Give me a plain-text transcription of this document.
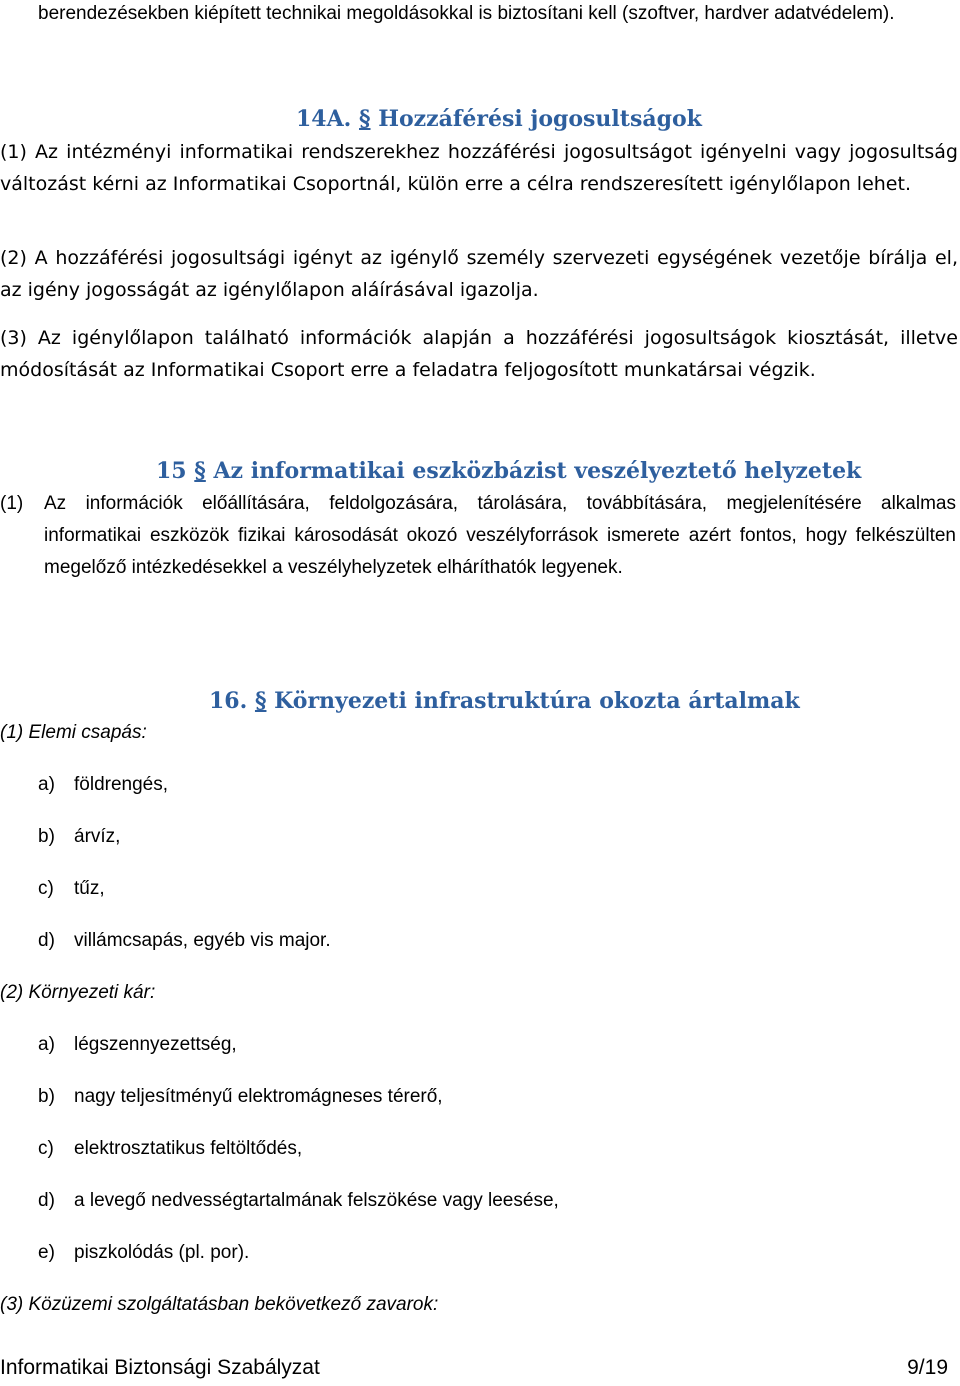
berendezésekben kiépített technikai megoldásokkal is biztosítani kell (szoftver, hardver adatvédelem).

14A. § Hozzáférési jogosultságok

(1) Az intézményi informatikai rendszerekhez hozzáférési jogosultságot igényelni vagy jogosultság változást kérni az Informatikai Csoportnál, külön erre a célra rendszeresített igénylőlapon lehet.

(2) A hozzáférési jogosultsági igényt az igénylő személy szervezeti egységének vezetője bírálja el, az igény jogosságát az igénylőlapon aláírásával igazolja.

(3) Az igénylőlapon található információk alapján a hozzáférési jogosultságok kiosztását, illetve módosítását az Informatikai Csoport erre a feladatra feljogosított munkatársai végzik.

15 § Az informatikai eszközbázist veszélyeztető helyzetek
(1) Az információk előállítására, feldolgozására, tárolására, továbbítására, megjelenítésére alkalmas informatikai eszközök fizikai károsodását okozó veszélyforrások ismerete azért fontos, hogy felkészülten megelőző intézkedésekkel a veszélyhelyzetek elháríthatók legyenek.
16. § Környezeti infrastruktúra okozta ártalmak
(1) Elemi csapás:
a) földrengés,
b) árvíz,
c) tűz,
d) villámcsapás, egyéb vis major.
(2) Környezeti kár:
a) légszennyezettség,
b) nagy teljesítményű elektromágneses térerő,
c) elektrosztatikus feltöltődés,
d) a levegő nedvességtartalmának felszökése vagy leesése,
e) piszkolódás (pl. por).
(3) Közüzemi szolgáltatásban bekövetkező zavarok:
Informatikai Biztonsági Szabályzat	9/19
